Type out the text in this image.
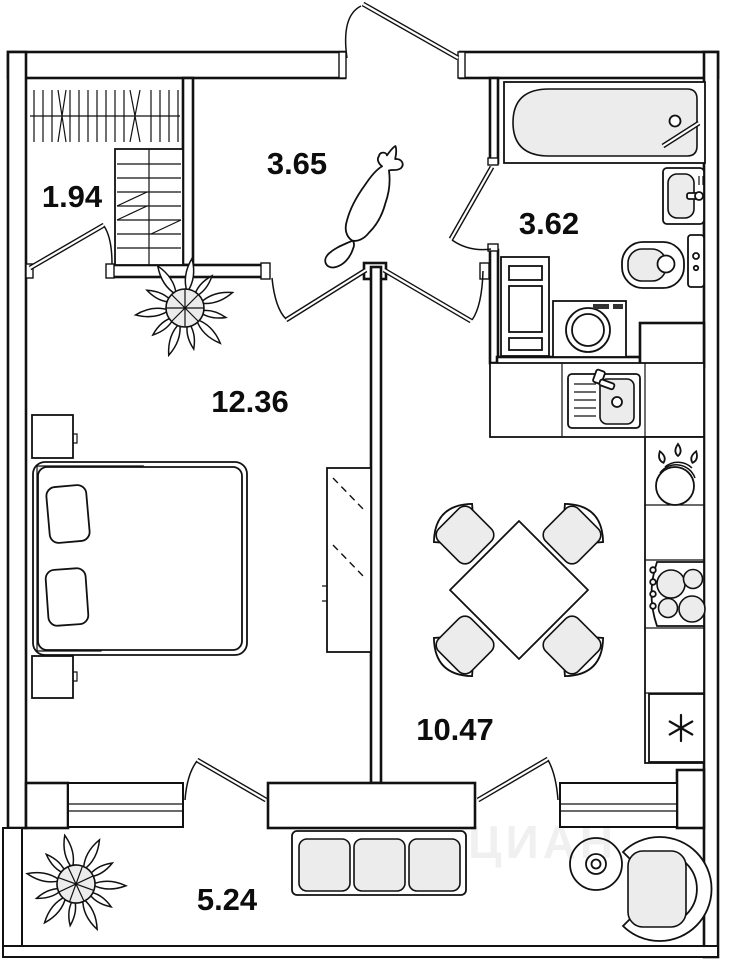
ЦИАН
1.94
3.65
3.62
12.36
10.47
5.24
